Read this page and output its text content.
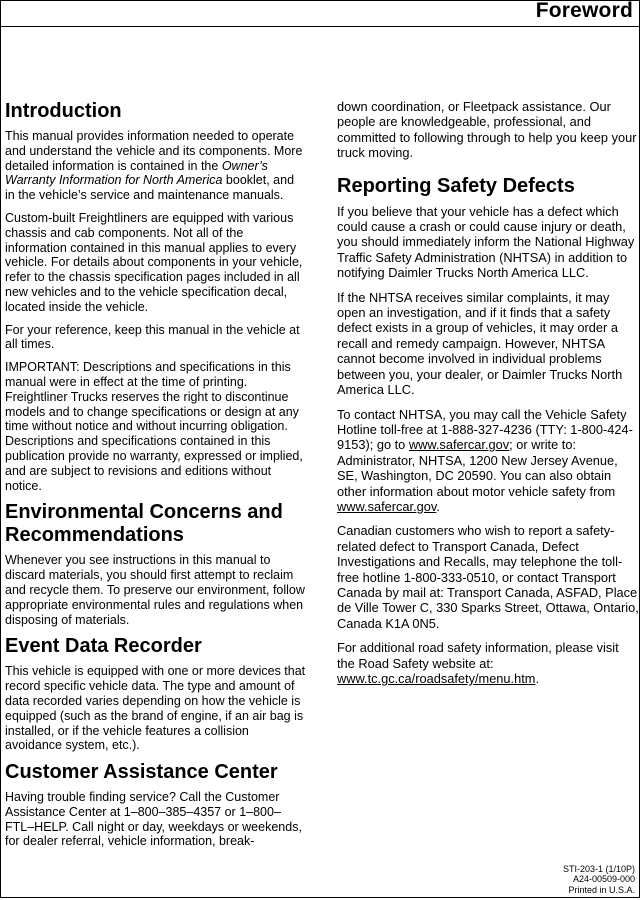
Foreword
Introduction

This manual provides information needed to operate and understand the vehicle and its components. More detailed information is contained in the Owner’s Warranty Information for North America booklet, and in the vehicle’s service and maintenance manuals.

Custom-built Freightliners are equipped with various chassis and cab components. Not all of the information contained in this manual applies to every vehicle. For details about components in your vehicle, refer to the chassis specification pages included in all new vehicles and to the vehicle specification decal, located inside the vehicle.

For your reference, keep this manual in the vehicle at all times.

IMPORTANT: Descriptions and specifications in this manual were in effect at the time of printing. Freightliner Trucks reserves the right to discontinue models and to change specifications or design at any time without notice and without incurring obligation. Descriptions and specifications contained in this publication provide no warranty, expressed or implied, and are subject to revisions and editions without notice.

Environmental Concerns and Recommendations

Whenever you see instructions in this manual to discard materials, you should first attempt to reclaim and recycle them. To preserve our environment, follow appropriate environmental rules and regulations when disposing of materials.

Event Data Recorder

This vehicle is equipped with one or more devices that record specific vehicle data. The type and amount of data recorded varies depending on how the vehicle is equipped (such as the brand of engine, if an air bag is installed, or if the vehicle features a collision avoidance system, etc.).

Customer Assistance Center

Having trouble finding service? Call the Customer Assistance Center at 1–800–385–4357 or 1–800–FTL–HELP. Call night or day, weekdays or weekends, for dealer referral, vehicle information, break-

down coordination, or Fleetpack assistance. Our people are knowledgeable, professional, and committed to following through to help you keep your truck moving.

Reporting Safety Defects

If you believe that your vehicle has a defect which could cause a crash or could cause injury or death, you should immediately inform the National Highway Traffic Safety Administration (NHTSA) in addition to notifying Daimler Trucks North America LLC.

If the NHTSA receives similar complaints, it may open an investigation, and if it finds that a safety defect exists in a group of vehicles, it may order a recall and remedy campaign. However, NHTSA cannot become involved in individual problems between you, your dealer, or Daimler Trucks North America LLC.

To contact NHTSA, you may call the Vehicle Safety Hotline toll-free at 1-888-327-4236 (TTY: 1-800-424-9153); go to www.safercar.gov; or write to: Administrator, NHTSA, 1200 New Jersey Avenue, SE, Washington, DC 20590. You can also obtain other information about motor vehicle safety from www.safercar.gov.

Canadian customers who wish to report a safety-related defect to Transport Canada, Defect Investigations and Recalls, may telephone the toll-free hotline 1-800-333-0510, or contact Transport Canada by mail at: Transport Canada, ASFAD, Place de Ville Tower C, 330 Sparks Street, Ottawa, Ontario, Canada K1A 0N5.

For additional road safety information, please visit the Road Safety website at: www.tc.gc.ca/roadsafety/menu.htm.

STI-203-1 (1/10P)
A24-00509-000
Printed in U.S.A.
